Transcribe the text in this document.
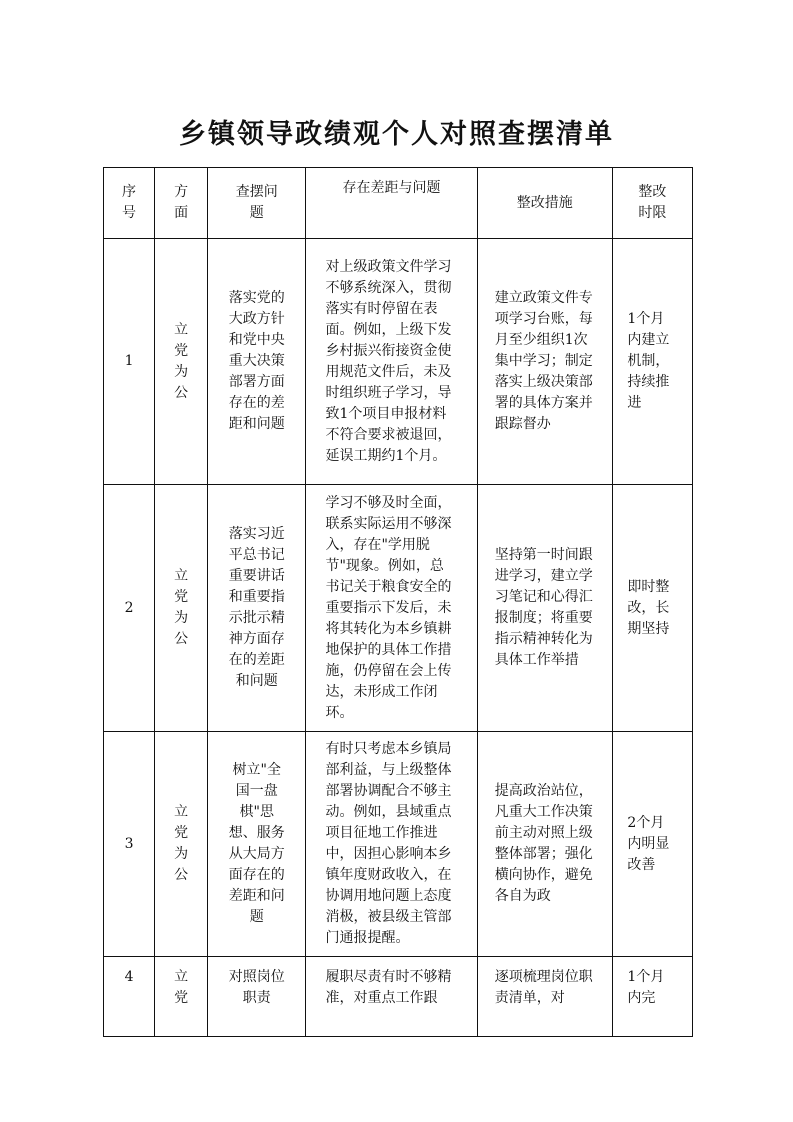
乡镇领导政绩观个人对照查摆清单
序号	方面	查摆问题	存在差距与问题	整改措施	整改时限

1	立党为公	落实党的大政方针和党中央重大决策部署方面存在的差距和问题	对上级政策文件学习不够系统深入，贯彻落实有时停留在表面。例如，上级下发乡村振兴衔接资金使用规范文件后，未及时组织班子学习，导致1个项目申报材料不符合要求被退回，延误工期约1个月。	建立政策文件专项学习台账，每月至少组织1次集中学习；制定落实上级决策部署的具体方案并跟踪督办	1个月内建立机制，持续推进

2	立党为公	落实习近平总书记重要讲话和重要指示批示精神方面存在的差距和问题	学习不够及时全面，联系实际运用不够深入，存在"学用脱节"现象。例如，总书记关于粮食安全的重要指示下发后，未将其转化为本乡镇耕地保护的具体工作措施，仍停留在会上传达，未形成工作闭环。	坚持第一时间跟进学习，建立学习笔记和心得汇报制度；将重要指示精神转化为具体工作举措	即时整改，长期坚持

3	立党为公	树立"全国一盘棋"思想、服务从大局方面存在的差距和问题	有时只考虑本乡镇局部利益，与上级整体部署协调配合不够主动。例如，县域重点项目征地工作推进中，因担心影响本乡镇年度财政收入，在协调用地问题上态度消极，被县级主管部门通报提醒。	提高政治站位，凡重大工作决策前主动对照上级整体部署；强化横向协作，避免各自为政	2个月内明显改善

4	立党	对照岗位职责	履职尽责有时不够精准，对重点工作跟	逐项梳理岗位职责清单，对	1个月内完
